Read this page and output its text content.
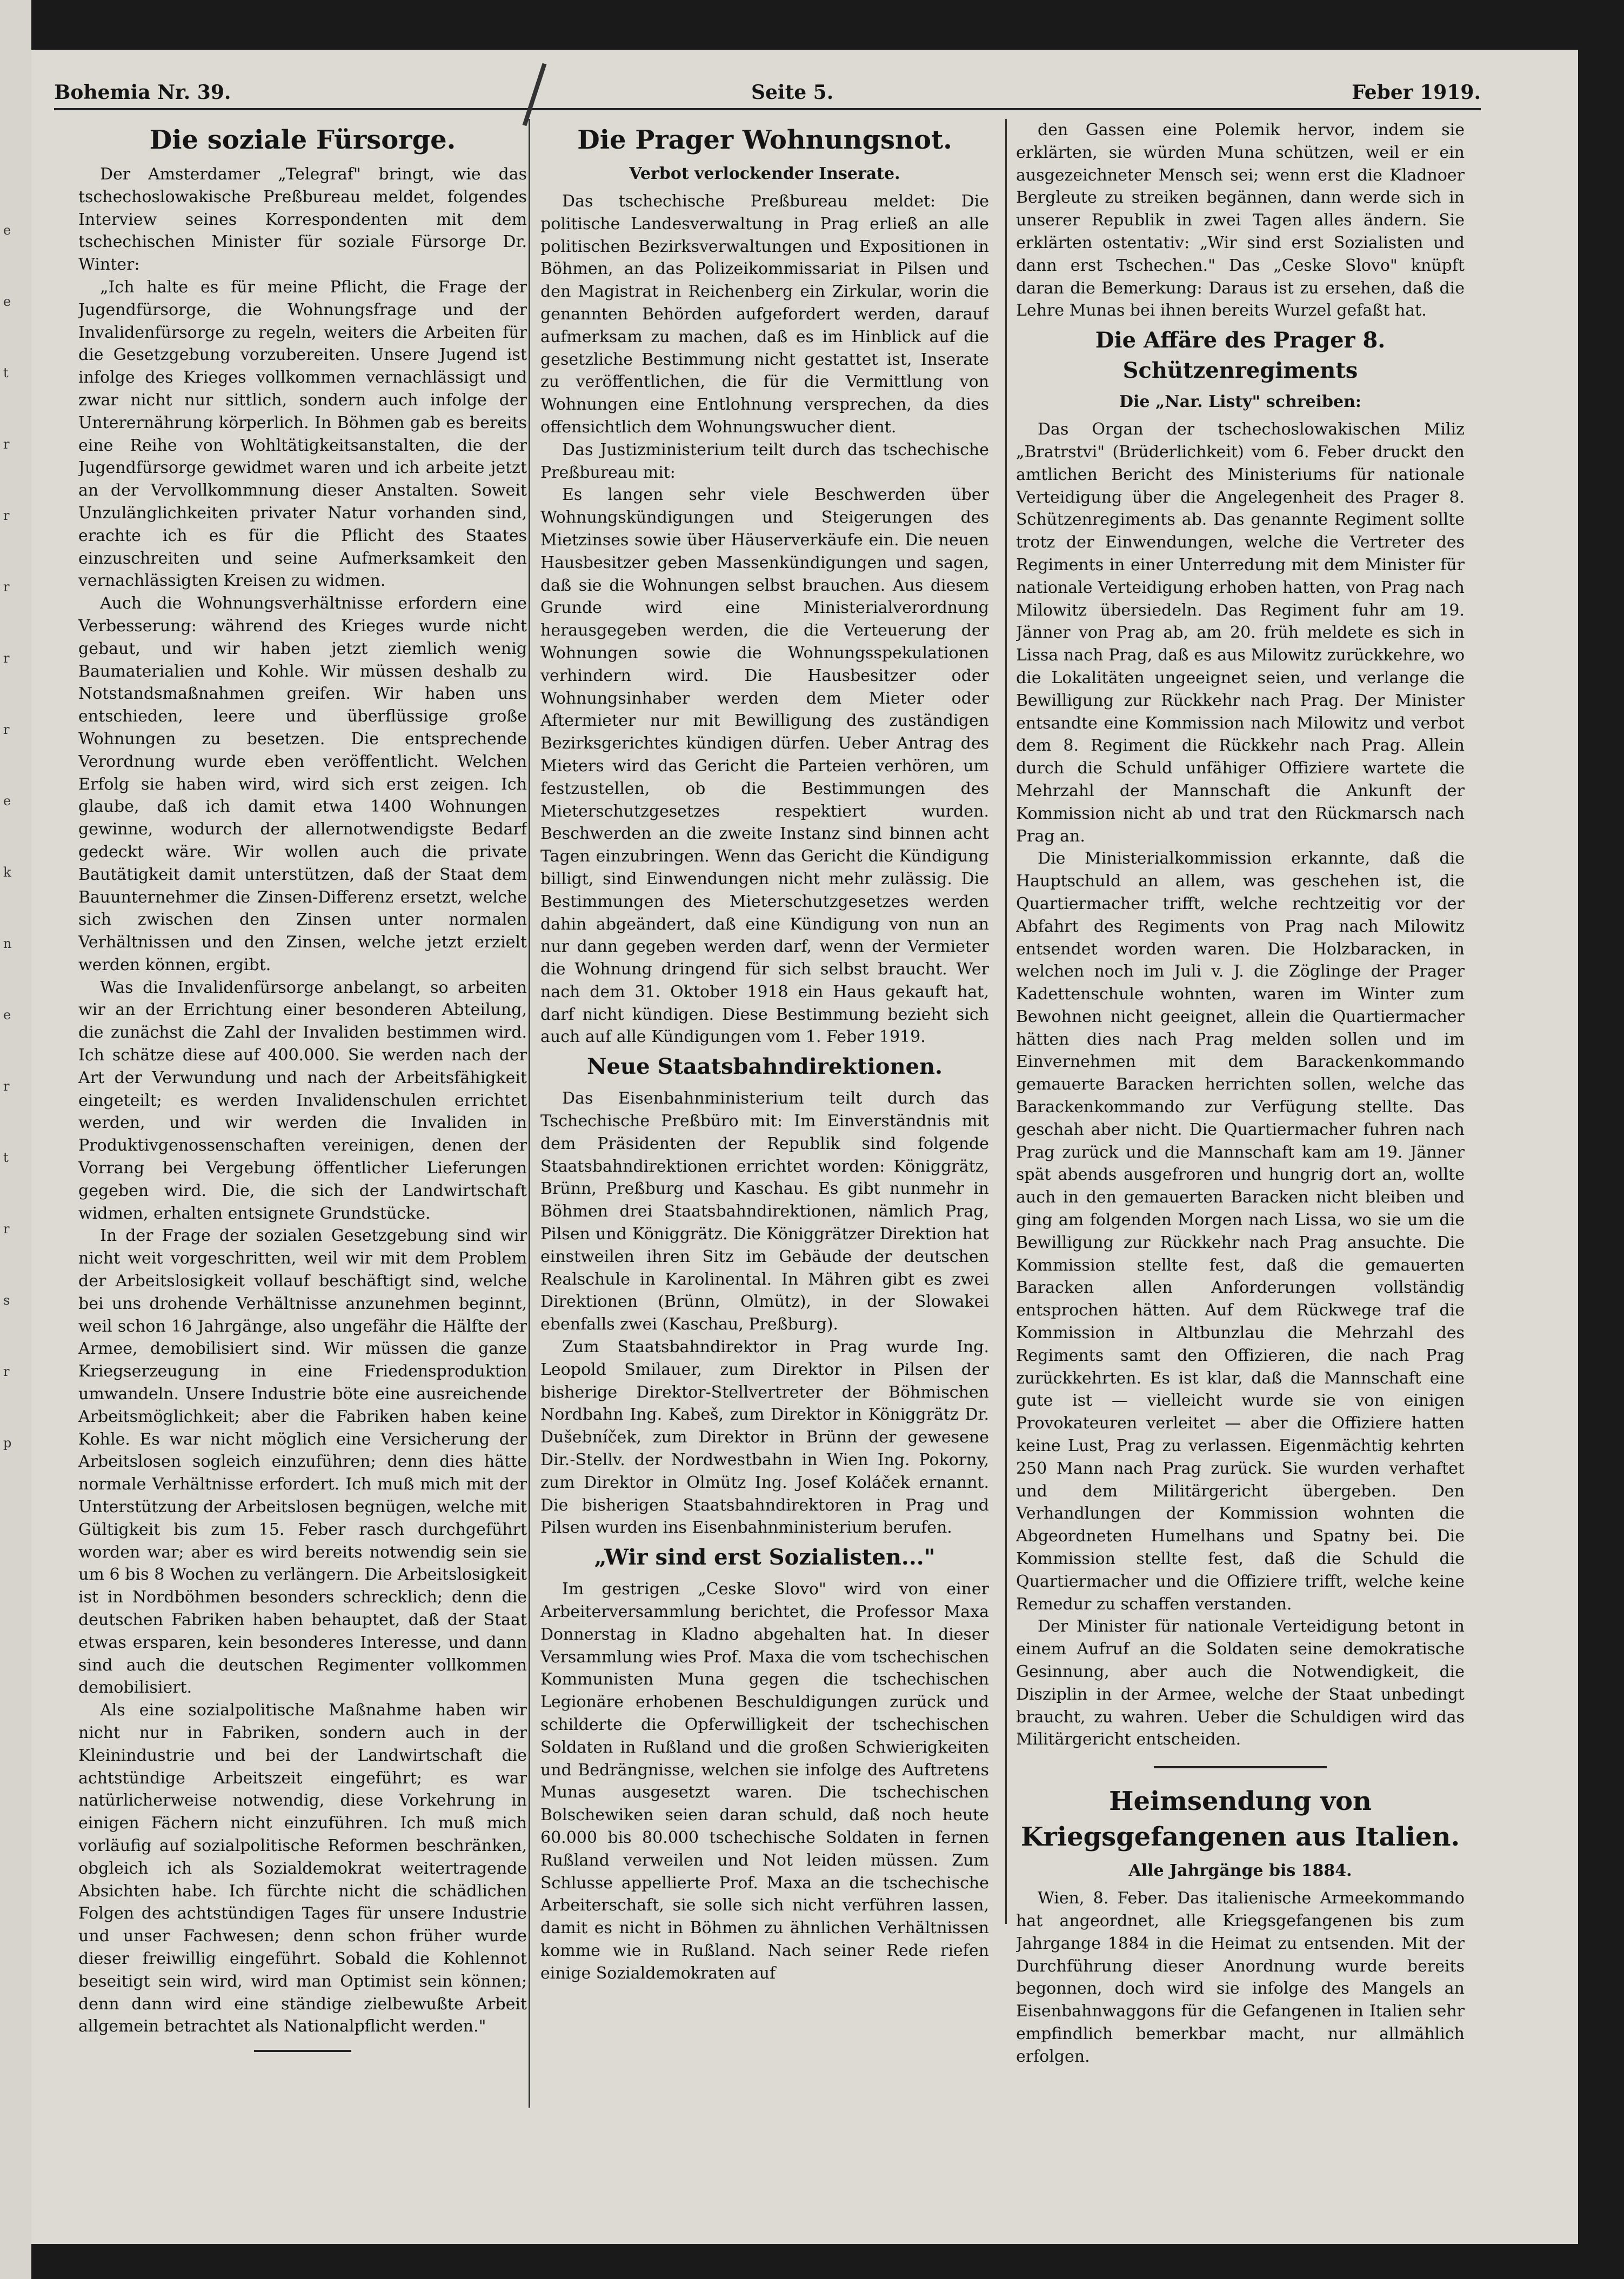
e
e
t
r
r
r
r
r
e
k
n
e
r
t
r
s
r
p
Bohemia Nr. 39.	Seite 5.	Feber 1919.
Die soziale Fürsorge.

Der Amsterdamer „Telegraf" bringt, wie das tschechoslowakische Preßbureau meldet, folgendes Interview seines Korrespondenten mit dem tschechischen Minister für soziale Fürsorge Dr. Winter:

„Ich halte es für meine Pflicht, die Frage der Jugendfürsorge, die Wohnungsfrage und der Invalidenfürsorge zu regeln, weiters die Arbeiten für die Gesetzgebung vorzubereiten. Unsere Jugend ist infolge des Krieges vollkommen vernachlässigt und zwar nicht nur sittlich, sondern auch infolge der Unterernährung körperlich. In Böhmen gab es bereits eine Reihe von Wohltätigkeitsanstalten, die der Jugendfürsorge gewidmet waren und ich arbeite jetzt an der Vervollkommnung dieser Anstalten. Soweit Unzulänglichkeiten privater Natur vorhanden sind, erachte ich es für die Pflicht des Staates einzuschreiten und seine Aufmerksamkeit den vernachlässigten Kreisen zu widmen.

Auch die Wohnungsverhältnisse erfordern eine Verbesserung: während des Krieges wurde nicht gebaut, und wir haben jetzt ziemlich wenig Baumaterialien und Kohle. Wir müssen deshalb zu Notstandsmaßnahmen greifen. Wir haben uns entschieden, leere und überflüssige große Wohnungen zu besetzen. Die entsprechende Verordnung wurde eben veröffentlicht. Welchen Erfolg sie haben wird, wird sich erst zeigen. Ich glaube, daß ich damit etwa 1400 Wohnungen gewinne, wodurch der allernotwendigste Bedarf gedeckt wäre. Wir wollen auch die private Bautätigkeit damit unterstützen, daß der Staat dem Bauunternehmer die Zinsen-Differenz ersetzt, welche sich zwischen den Zinsen unter normalen Verhältnissen und den Zinsen, welche jetzt erzielt werden können, ergibt.

Was die Invalidenfürsorge anbelangt, so arbeiten wir an der Errichtung einer besonderen Abteilung, die zunächst die Zahl der Invaliden bestimmen wird. Ich schätze diese auf 400.000. Sie werden nach der Art der Verwundung und nach der Arbeitsfähigkeit eingeteilt; es werden Invalidenschulen errichtet werden, und wir werden die Invaliden in Produktivgenossenschaften vereinigen, denen der Vorrang bei Vergebung öffentlicher Lieferungen gegeben wird. Die, die sich der Landwirtschaft widmen, erhalten entsignete Grundstücke.

In der Frage der sozialen Gesetzgebung sind wir nicht weit vorgeschritten, weil wir mit dem Problem der Arbeitslosigkeit vollauf beschäftigt sind, welche bei uns drohende Verhältnisse anzunehmen beginnt, weil schon 16 Jahrgänge, also ungefähr die Hälfte der Armee, demobilisiert sind. Wir müssen die ganze Kriegserzeugung in eine Friedensproduktion umwandeln. Unsere Industrie böte eine ausreichende Arbeitsmöglichkeit; aber die Fabriken haben keine Kohle. Es war nicht möglich eine Versicherung der Arbeitslosen sogleich einzuführen; denn dies hätte normale Verhältnisse erfordert. Ich muß mich mit der Unterstützung der Arbeitslosen begnügen, welche mit Gültigkeit bis zum 15. Feber rasch durchgeführt worden war; aber es wird bereits notwendig sein sie um 6 bis 8 Wochen zu verlängern. Die Arbeitslosigkeit ist in Nordböhmen besonders schrecklich; denn die deutschen Fabriken haben behauptet, daß der Staat etwas ersparen, kein besonderes Interesse, und dann sind auch die deutschen Regimenter vollkommen demobilisiert.

Als eine sozialpolitische Maßnahme haben wir nicht nur in Fabriken, sondern auch in der Kleinindustrie und bei der Landwirtschaft die achtstündige Arbeitszeit eingeführt; es war natürlicherweise notwendig, diese Vorkehrung in einigen Fächern nicht einzuführen. Ich muß mich vorläufig auf sozialpolitische Reformen beschränken, obgleich ich als Sozialdemokrat weitertragende Absichten habe. Ich fürchte nicht die schädlichen Folgen des achtstündigen Tages für unsere Industrie und unser Fachwesen; denn schon früher wurde dieser freiwillig eingeführt. Sobald die Kohlennot beseitigt sein wird, wird man Optimist sein können; denn dann wird eine ständige zielbewußte Arbeit allgemein betrachtet als Nationalpflicht werden."

Die Prager Wohnungsnot.
Verbot verlockender Inserate.

Das tschechische Preßbureau meldet: Die politische Landesverwaltung in Prag erließ an alle politischen Bezirksverwaltungen und Expositionen in Böhmen, an das Polizeikommissariat in Pilsen und den Magistrat in Reichenberg ein Zirkular, worin die genannten Behörden aufgefordert werden, darauf aufmerksam zu machen, daß es im Hinblick auf die gesetzliche Bestimmung nicht gestattet ist, Inserate zu veröffentlichen, die für die Vermittlung von Wohnungen eine Entlohnung versprechen, da dies offensichtlich dem Wohnungswucher dient.

Das Justizministerium teilt durch das tschechische Preßbureau mit:

Es langen sehr viele Beschwerden über Wohnungskündigungen und Steigerungen des Mietzinses sowie über Häuserverkäufe ein. Die neuen Hausbesitzer geben Massenkündigungen und sagen, daß sie die Wohnungen selbst brauchen. Aus diesem Grunde wird eine Ministerialverordnung herausgegeben werden, die die Verteuerung der Wohnungen sowie die Wohnungsspekulationen verhindern wird. Die Hausbesitzer oder Wohnungsinhaber werden dem Mieter oder Aftermieter nur mit Bewilligung des zuständigen Bezirksgerichtes kündigen dürfen. Ueber Antrag des Mieters wird das Gericht die Parteien verhören, um festzustellen, ob die Bestimmungen des Mieterschutzgesetzes respektiert wurden. Beschwerden an die zweite Instanz sind binnen acht Tagen einzubringen. Wenn das Gericht die Kündigung billigt, sind Einwendungen nicht mehr zulässig. Die Bestimmungen des Mieterschutzgesetzes werden dahin abgeändert, daß eine Kündigung von nun an nur dann gegeben werden darf, wenn der Vermieter die Wohnung dringend für sich selbst braucht. Wer nach dem 31. Oktober 1918 ein Haus gekauft hat, darf nicht kündigen. Diese Bestimmung bezieht sich auch auf alle Kündigungen vom 1. Feber 1919.

Neue Staatsbahndirektionen.

Das Eisenbahnministerium teilt durch das Tschechische Preßbüro mit: Im Einverständnis mit dem Präsidenten der Republik sind folgende Staatsbahndirektionen errichtet worden: Königgrätz, Brünn, Preßburg und Kaschau. Es gibt nunmehr in Böhmen drei Staatsbahndirektionen, nämlich Prag, Pilsen und Königgrätz. Die Königgrätzer Direktion hat einstweilen ihren Sitz im Gebäude der deutschen Realschule in Karolinental. In Mähren gibt es zwei Direktionen (Brünn, Olmütz), in der Slowakei ebenfalls zwei (Kaschau, Preßburg).

Zum Staatsbahndirektor in Prag wurde Ing. Leopold Smilauer, zum Direktor in Pilsen der bisherige Direktor-Stellvertreter der Böhmischen Nordbahn Ing. Kabeš, zum Direktor in Königgrätz Dr. Dušebníček, zum Direktor in Brünn der gewesene Dir.-Stellv. der Nordwestbahn in Wien Ing. Pokorny, zum Direktor in Olmütz Ing. Josef Koláček ernannt. Die bisherigen Staatsbahndirektoren in Prag und Pilsen wurden ins Eisenbahnministerium berufen.

„Wir sind erst Sozialisten..."

Im gestrigen „Ceske Slovo" wird von einer Arbeiterversammlung berichtet, die Professor Maxa Donnerstag in Kladno abgehalten hat. In dieser Versammlung wies Prof. Maxa die vom tschechischen Kommunisten Muna gegen die tschechischen Legionäre erhobenen Beschuldigungen zurück und schilderte die Opferwilligkeit der tschechischen Soldaten in Rußland und die großen Schwierigkeiten und Bedrängnisse, welchen sie infolge des Auftretens Munas ausgesetzt waren. Die tschechischen Bolschewiken seien daran schuld, daß noch heute 60.000 bis 80.000 tschechische Soldaten in fernen Rußland verweilen und Not leiden müssen. Zum Schlusse appellierte Prof. Maxa an die tschechische Arbeiterschaft, sie solle sich nicht verführen lassen, damit es nicht in Böhmen zu ähnlichen Verhältnissen komme wie in Rußland. Nach seiner Rede riefen einige Sozialdemokraten auf

den Gassen eine Polemik hervor, indem sie erklärten, sie würden Muna schützen, weil er ein ausgezeichneter Mensch sei; wenn erst die Kladnoer Bergleute zu streiken begännen, dann werde sich in unserer Republik in zwei Tagen alles ändern. Sie erklärten ostentativ: „Wir sind erst Sozialisten und dann erst Tschechen." Das „Ceske Slovo" knüpft daran die Bemerkung: Daraus ist zu ersehen, daß die Lehre Munas bei ihnen bereits Wurzel gefaßt hat.

Die Affäre des Prager 8. Schützenregiments
Die „Nar. Listy" schreiben:

Das Organ der tschechoslowakischen Miliz „Bratrstvi" (Brüderlichkeit) vom 6. Feber druckt den amtlichen Bericht des Ministeriums für nationale Verteidigung über die Angelegenheit des Prager 8. Schützenregiments ab. Das genannte Regiment sollte trotz der Einwendungen, welche die Vertreter des Regiments in einer Unterredung mit dem Minister für nationale Verteidigung erhoben hatten, von Prag nach Milowitz übersiedeln. Das Regiment fuhr am 19. Jänner von Prag ab, am 20. früh meldete es sich in Lissa nach Prag, daß es aus Milowitz zurückkehre, wo die Lokalitäten ungeeignet seien, und verlange die Bewilligung zur Rückkehr nach Prag. Der Minister entsandte eine Kommission nach Milowitz und verbot dem 8. Regiment die Rückkehr nach Prag. Allein durch die Schuld unfähiger Offiziere wartete die Mehrzahl der Mannschaft die Ankunft der Kommission nicht ab und trat den Rückmarsch nach Prag an.

Die Ministerialkommission erkannte, daß die Hauptschuld an allem, was geschehen ist, die Quartiermacher trifft, welche rechtzeitig vor der Abfahrt des Regiments von Prag nach Milowitz entsendet worden waren. Die Holzbaracken, in welchen noch im Juli v. J. die Zöglinge der Prager Kadettenschule wohnten, waren im Winter zum Bewohnen nicht geeignet, allein die Quartiermacher hätten dies nach Prag melden sollen und im Einvernehmen mit dem Barackenkommando gemauerte Baracken herrichten sollen, welche das Barackenkommando zur Verfügung stellte. Das geschah aber nicht. Die Quartiermacher fuhren nach Prag zurück und die Mannschaft kam am 19. Jänner spät abends ausgefroren und hungrig dort an, wollte auch in den gemauerten Baracken nicht bleiben und ging am folgenden Morgen nach Lissa, wo sie um die Bewilligung zur Rückkehr nach Prag ansuchte. Die Kommission stellte fest, daß die gemauerten Baracken allen Anforderungen vollständig entsprochen hätten. Auf dem Rückwege traf die Kommission in Altbunzlau die Mehrzahl des Regiments samt den Offizieren, die nach Prag zurückkehrten. Es ist klar, daß die Mannschaft eine gute ist — vielleicht wurde sie von einigen Provokateuren verleitet — aber die Offiziere hatten keine Lust, Prag zu verlassen. Eigenmächtig kehrten 250 Mann nach Prag zurück. Sie wurden verhaftet und dem Militärgericht übergeben. Den Verhandlungen der Kommission wohnten die Abgeordneten Humelhans und Spatny bei. Die Kommission stellte fest, daß die Schuld die Quartiermacher und die Offiziere trifft, welche keine Remedur zu schaffen verstanden.

Der Minister für nationale Verteidigung betont in einem Aufruf an die Soldaten seine demokratische Gesinnung, aber auch die Notwendigkeit, die Disziplin in der Armee, welche der Staat unbedingt braucht, zu wahren. Ueber die Schuldigen wird das Militärgericht entscheiden.

Heimsendung von Kriegsgefangenen aus Italien.
Alle Jahrgänge bis 1884.

Wien, 8. Feber. Das italienische Armeekommando hat angeordnet, alle Kriegsgefangenen bis zum Jahrgange 1884 in die Heimat zu entsenden. Mit der Durchführung dieser Anordnung wurde bereits begonnen, doch wird sie infolge des Mangels an Eisenbahnwaggons für die Gefangenen in Italien sehr empfindlich bemerkbar macht, nur allmählich erfolgen.
